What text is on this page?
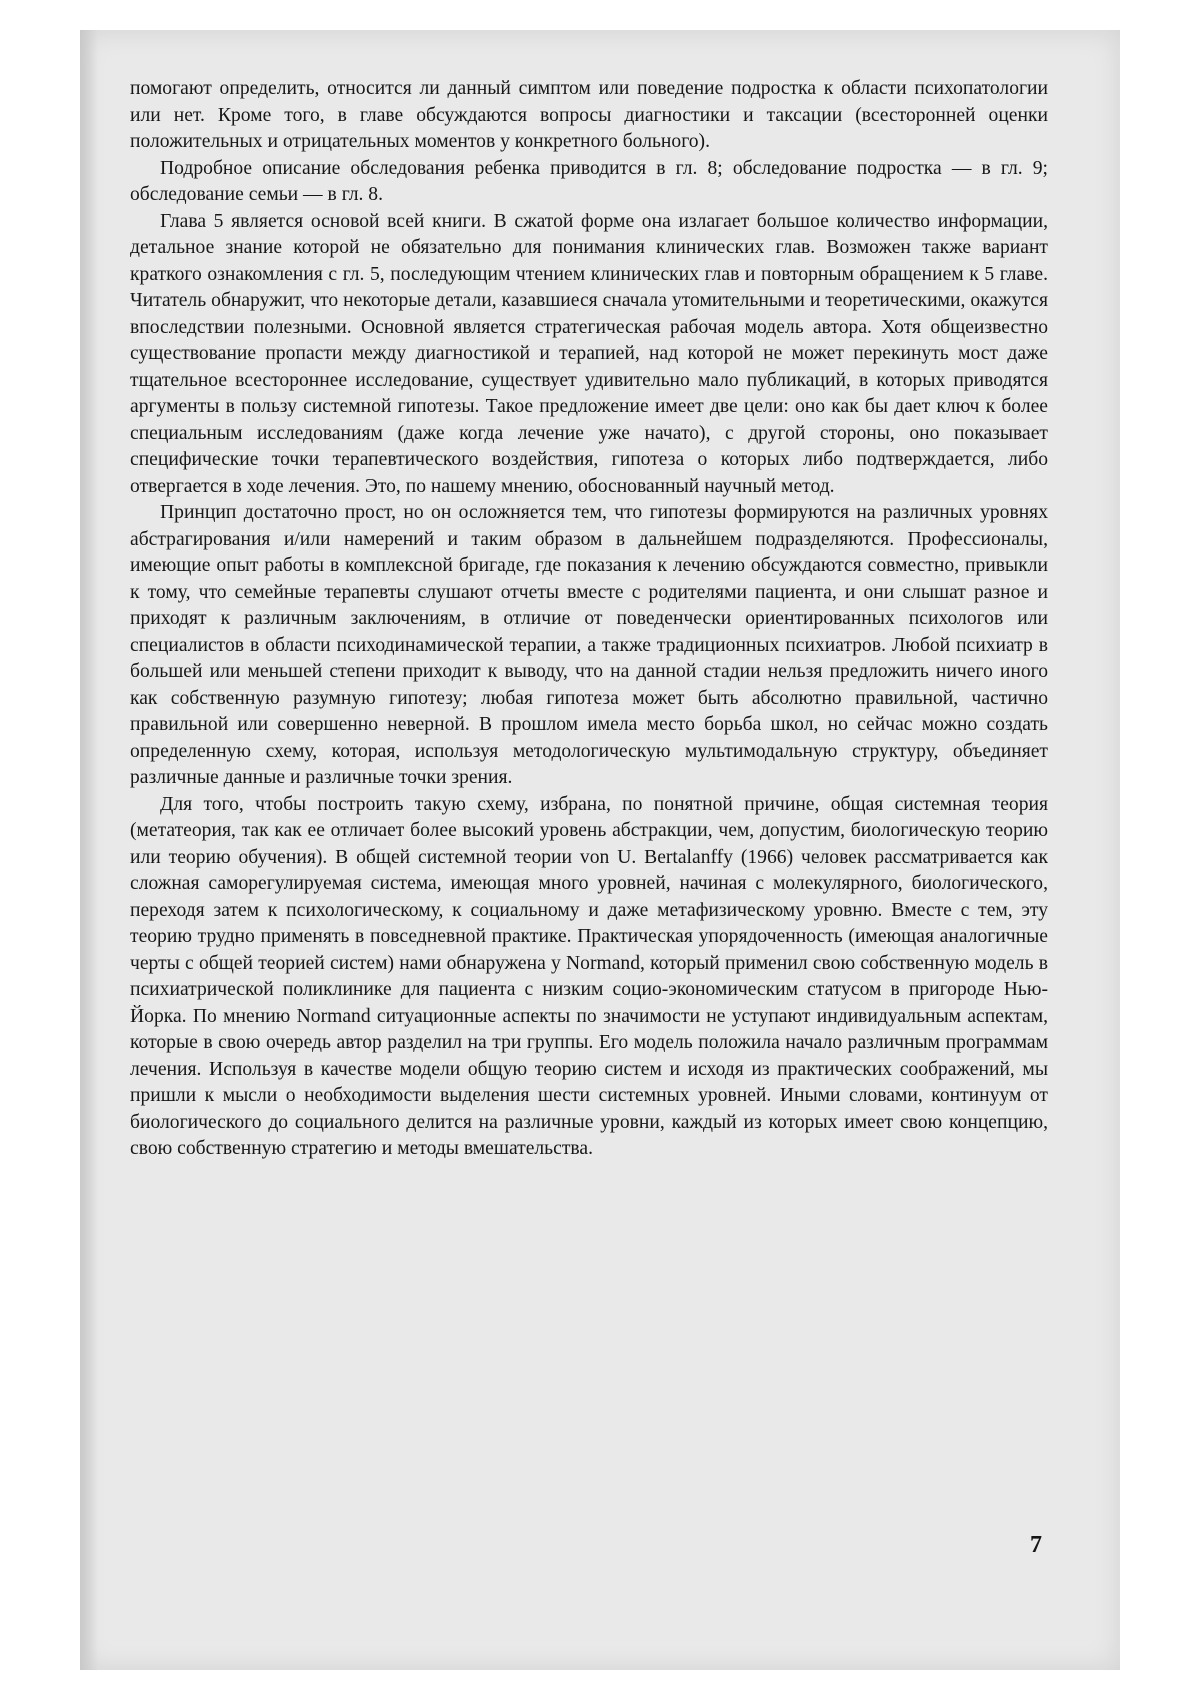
помогают определить, относится ли данный симптом или поведение подростка к области психопатологии или нет. Кроме того, в главе обсуждаются вопросы диагностики и таксации (всесторонней оценки положительных и отрицательных моментов у конкретного больного).

Подробное описание обследования ребенка приводится в гл. 8; обследование подростка — в гл. 9; обследование семьи — в гл. 8.

Глава 5 является основой всей книги. В сжатой форме она излагает большое количество информации, детальное знание которой не обязательно для понимания клинических глав. Возможен также вариант краткого ознакомления с гл. 5, последующим чтением клинических глав и повторным обращением к 5 главе. Читатель обнаружит, что некоторые детали, казавшиеся сначала утомительными и теоретическими, окажутся впоследствии полезными. Основной является стратегическая рабочая модель автора. Хотя общеизвестно существование пропасти между диагностикой и терапией, над которой не может перекинуть мост даже тщательное всестороннее исследование, существует удивительно мало публикаций, в которых приводятся аргументы в пользу системной гипотезы. Такое предложение имеет две цели: оно как бы дает ключ к более специальным исследованиям (даже когда лечение уже начато), с другой стороны, оно показывает специфические точки терапевтического воздействия, гипотеза о которых либо подтверждается, либо отвергается в ходе лечения. Это, по нашему мнению, обоснованный научный метод.

Принцип достаточно прост, но он осложняется тем, что гипотезы формируются на различных уровнях абстрагирования и/или намерений и таким образом в дальнейшем подразделяются. Профессионалы, имеющие опыт работы в комплексной бригаде, где показания к лечению обсуждаются совместно, привыкли к тому, что семейные терапевты слушают отчеты вместе с родителями пациента, и они слышат разное и приходят к различным заключениям, в отличие от поведенчески ориентированных психологов или специалистов в области психодинамической терапии, а также традиционных психиатров. Любой психиатр в большей или меньшей степени приходит к выводу, что на данной стадии нельзя предложить ничего иного как собственную разумную гипотезу; любая гипотеза может быть абсолютно правильной, частично правильной или совершенно неверной. В прошлом имела место борьба школ, но сейчас можно создать определенную схему, которая, используя методологическую мультимодальную структуру, объединяет различные данные и различные точки зрения.

Для того, чтобы построить такую схему, избрана, по понятной причине, общая системная теория (метатеория, так как ее отличает более высокий уровень абстракции, чем, допустим, биологическую теорию или теорию обучения). В общей системной теории von U. Bertalanffy (1966) человек рассматривается как сложная саморегулируемая система, имеющая много уровней, начиная с молекулярного, биологического, переходя затем к психологическому, к социальному и даже метафизическому уровню. Вместе с тем, эту теорию трудно применять в повседневной практике. Практическая упорядоченность (имеющая аналогичные черты с общей теорией систем) нами обнаружена у Normand, который применил свою собственную модель в психиатрической поликлинике для пациента с низким социо-экономическим статусом в пригороде Нью-Йорка. По мнению Normand ситуационные аспекты по значимости не уступают индивидуальным аспектам, которые в свою очередь автор разделил на три группы. Его модель положила начало различным программам лечения. Используя в качестве модели общую теорию систем и исходя из практических соображений, мы пришли к мысли о необходимости выделения шести системных уровней. Иными словами, континуум от биологического до социального делится на различные уровни, каждый из которых имеет свою концепцию, свою собственную стратегию и методы вмешательства.

7
